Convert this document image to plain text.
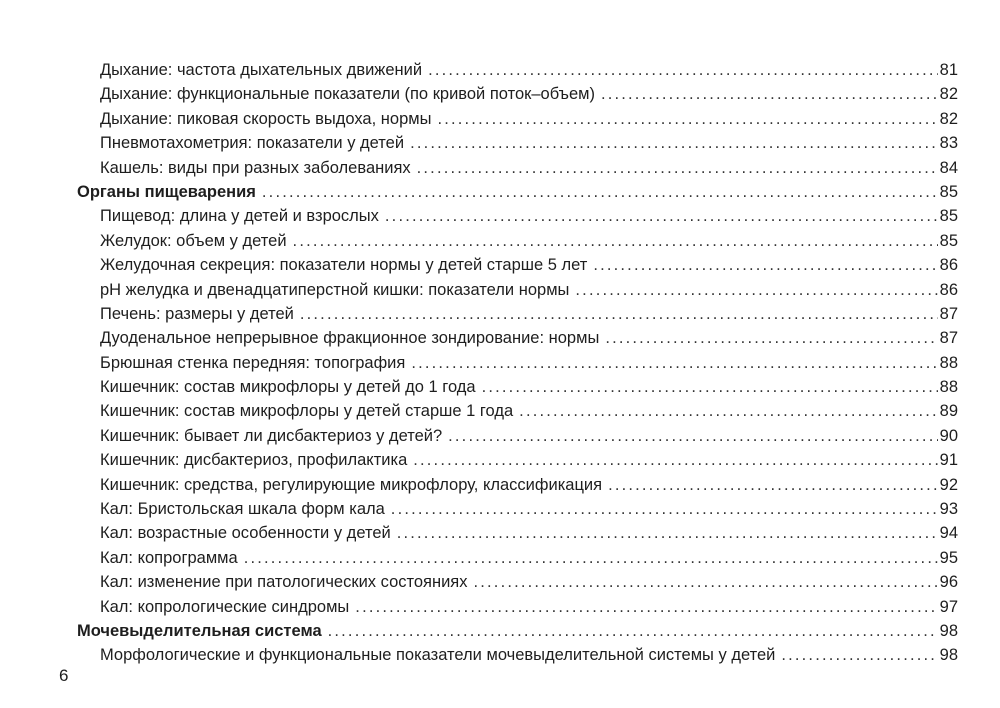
Дыхание: частота дыхательных движений . . .	81
Дыхание: функциональные показатели (по кривой поток–объем) . . .	82
Дыхание: пиковая скорость выдоха, нормы . . .	82
Пневмотахометрия: показатели у детей . . .	83
Кашель: виды при разных заболеваниях . . .	84
Органы пищеварения . . .	85
Пищевод: длина у детей и взрослых . . .	85
Желудок: объем у детей . . .	85
Желудочная секреция: показатели нормы у детей старше 5 лет . . .	86
рН желудка и двенадцатиперстной кишки: показатели нормы . . .	86
Печень: размеры у детей . . .	87
Дуоденальное непрерывное фракционное зондирование: нормы . . .	87
Брюшная стенка передняя: топография . . .	88
Кишечник: состав микрофлоры у детей до 1 года . . .	88
Кишечник: состав микрофлоры у детей старше 1 года . . .	89
Кишечник: бывает ли дисбактериоз у детей? . . .	90
Кишечник: дисбактериоз, профилактика . . .	91
Кишечник: средства, регулирующие микрофлору, классификация . . .	92
Кал: Бристольская шкала форм кала . . .	93
Кал: возрастные особенности у детей . . .	94
Кал: копрограмма . . .	95
Кал: изменение при патологических состояниях . . .	96
Кал: копрологические синдромы . . .	97
Мочевыделительная система . . .	98
Морфологические и функциональные показатели мочевыделительной системы у детей . . .	98
6
